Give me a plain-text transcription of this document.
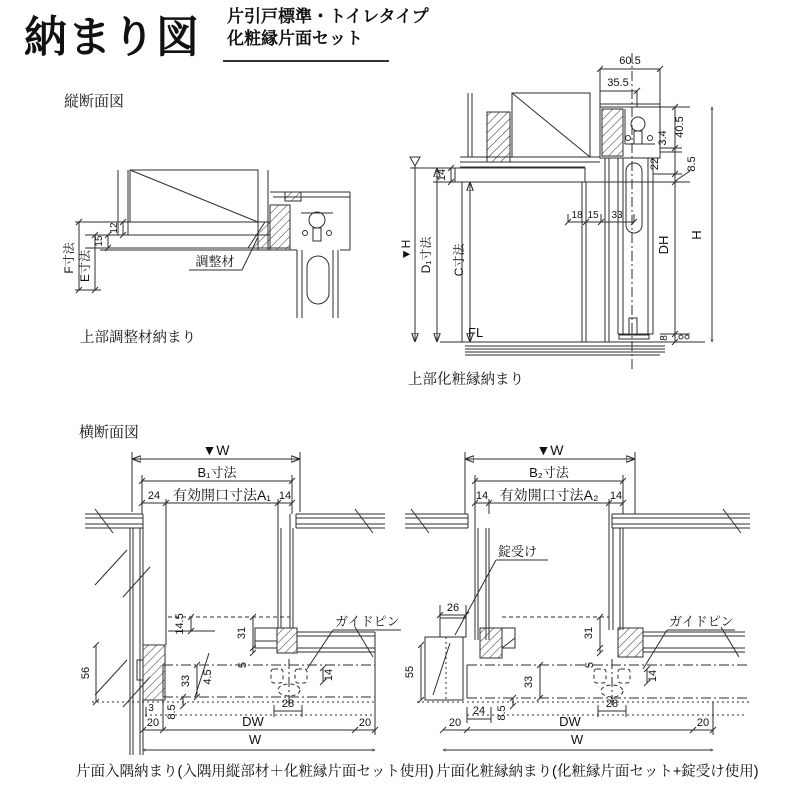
納まり図 片引戸標準・トイレタイプ
化粧縁片面セット
縦断面図
横断面図
12
15
E寸法
F寸法	調整材
上部調整材納まり
60.5
35.5
14
40.5
3.4
22 8.5
18 15 33
DH
8
H
▼H D₁寸法 C寸法
FL
上部化粧縁納まり
▼W
B₁寸法
24 有効開口寸法A₁ 14
14.5	31
5
56
33 4.5	14
3 8.5
20	DW
28
20
W
ガイドピン
片面入隅納まり(入隅用縦部材＋化粧縁片面セット使用)
▼W
B₂寸法
14 有効開口寸法A₂ 14
26
55
31
5
33	14
24 8.5
28
20	DW	20
W
錠受け
ガイドピン
片面化粧縁納まり(化粧縁片面セット+錠受け使用)
